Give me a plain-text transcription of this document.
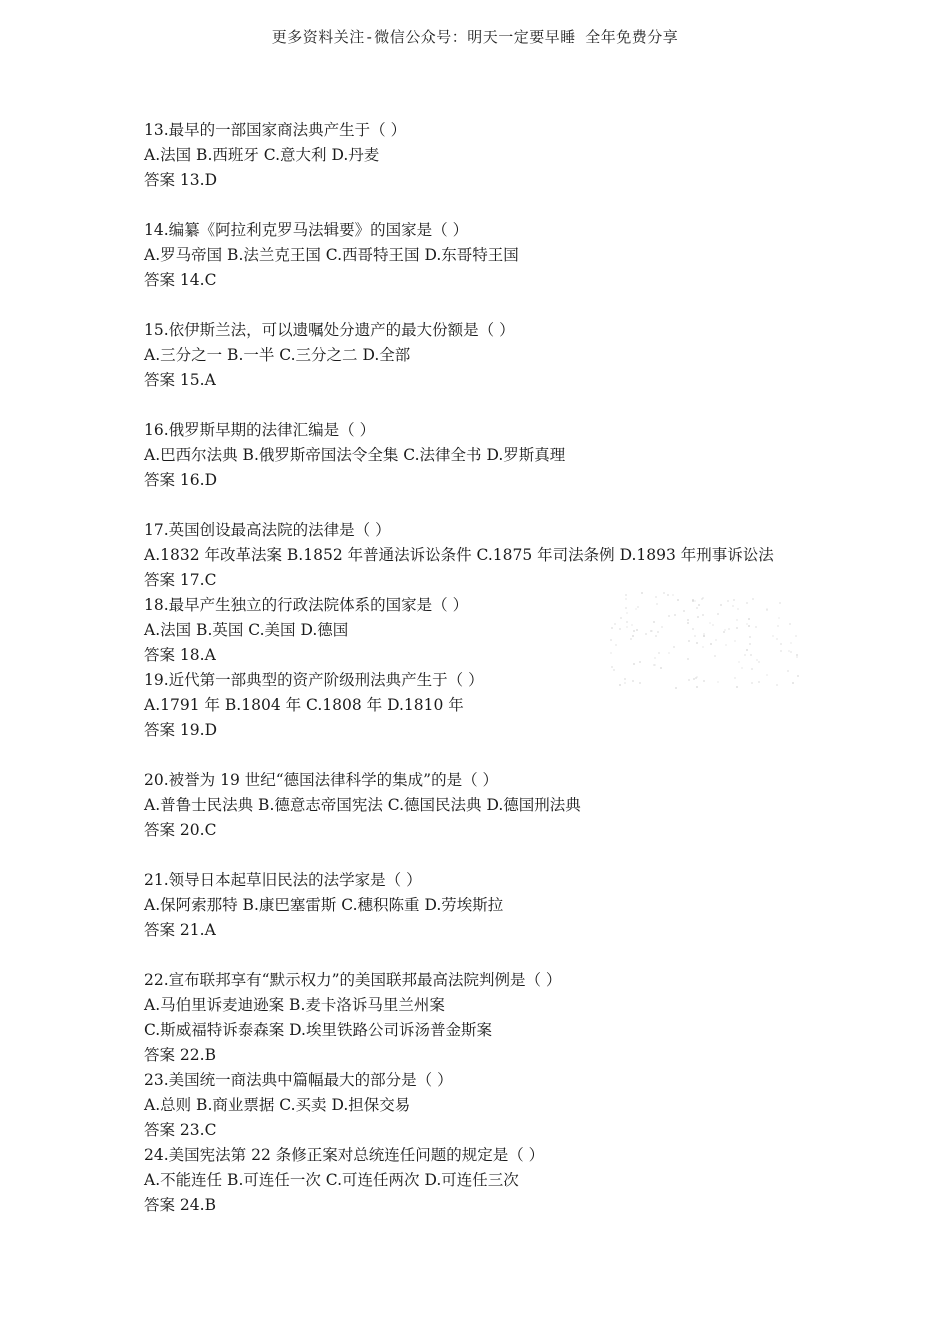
更多资料关注-微信公众号：明天一定要早睡 全年免费分享
13.最早的一部国家商法典产生于（ ）
A.法国 B.西班牙 C.意大利 D.丹麦
答案 13.D
14.编纂《阿拉利克罗马法辑要》的国家是（ ）
A.罗马帝国 B.法兰克王国 C.西哥特王国 D.东哥特王国
答案 14.C
15.依伊斯兰法，可以遗嘱处分遗产的最大份额是（ ）
A.三分之一 B.一半 C.三分之二 D.全部
答案 15.A
16.俄罗斯早期的法律汇编是（ ）
A.巴西尔法典 B.俄罗斯帝国法令全集 C.法律全书 D.罗斯真理
答案 16.D
17.英国创设最高法院的法律是（ ）
A.1832 年改革法案 B.1852 年普通法诉讼条件 C.1875 年司法条例 D.1893 年刑事诉讼法
答案 17.C
18.最早产生独立的行政法院体系的国家是（ ）
A.法国 B.英国 C.美国 D.德国
答案 18.A
19.近代第一部典型的资产阶级刑法典产生于（ ）
A.1791 年 B.1804 年 C.1808 年 D.1810 年
答案 19.D
20.被誉为 19 世纪“德国法律科学的集成”的是（ ）
A.普鲁士民法典 B.德意志帝国宪法 C.德国民法典 D.德国刑法典
答案 20.C
21.领导日本起草旧民法的法学家是（ ）
A.保阿索那特 B.康巴塞雷斯 C.穗积陈重 D.劳埃斯拉
答案 21.A
22.宣布联邦享有“默示权力”的美国联邦最高法院判例是（ ）
A.马伯里诉麦迪逊案 B.麦卡洛诉马里兰州案
C.斯威福特诉泰森案 D.埃里铁路公司诉汤普金斯案
答案 22.B
23.美国统一商法典中篇幅最大的部分是（ ）
A.总则 B.商业票据 C.买卖 D.担保交易
答案 23.C
24.美国宪法第 22 条修正案对总统连任问题的规定是（ ）
A.不能连任 B.可连任一次 C.可连任两次 D.可连任三次
答案 24.B
